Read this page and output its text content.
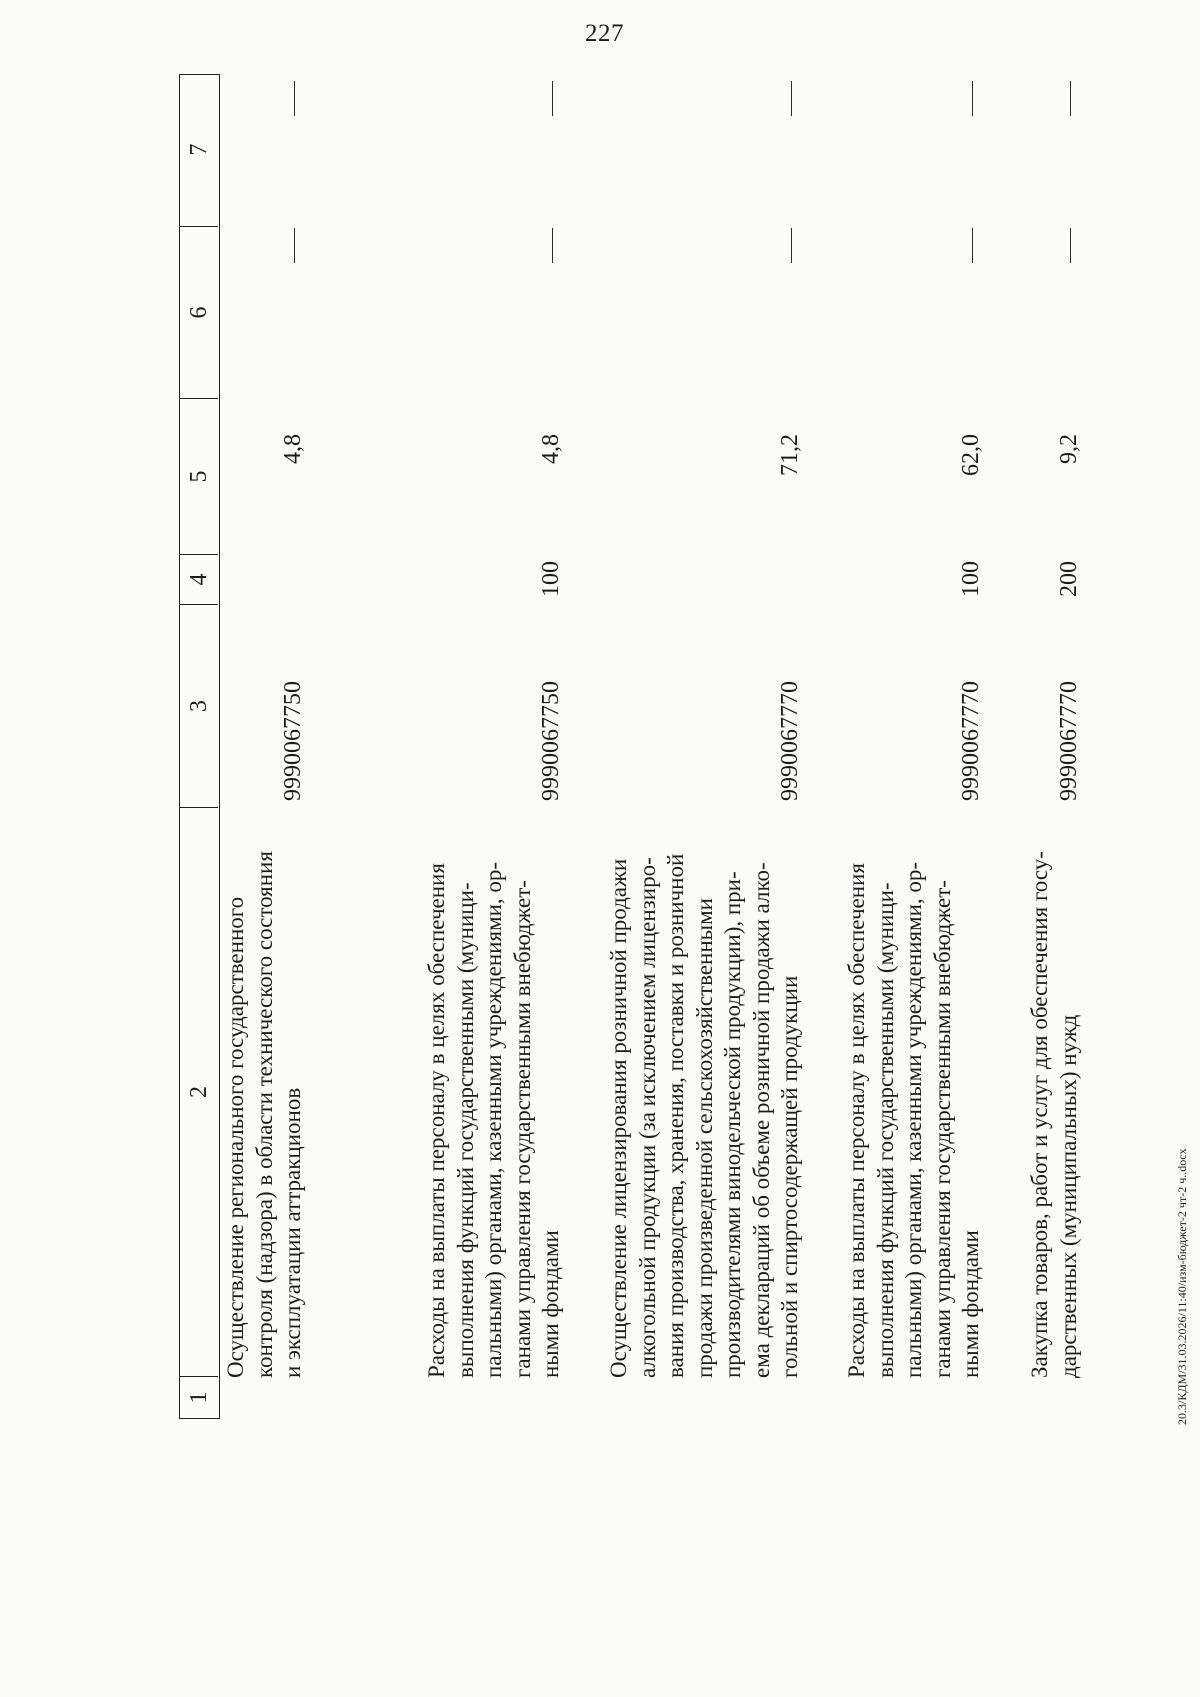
227
20.3/КДМ/31.03.2026/11:40/изм-бюджет-2 чт-2 ч..docx
1
2
3
4
5
6
7

Осуществление регионального государственного контроля (надзора) в области технического состояния и эксплуатации аттракционов

9990067750
4,8

Расходы на выплаты персоналу в целях обеспечения выполнения функций государственными (муници- пальными) органами, казенными учреждениями, ор- ганами управления государственными внебюджет- ными фондами

9990067750
100
4,8

Осуществление лицензирования розничной продажи алкогольной продукции (за исключением лицензиро- вания производства, хранения, поставки и розничной продажи произведенной сельскохозяйственными производителями винодельческой продукции), при- ема деклараций об объеме розничной продажи алко- гольной и спиртосодержащей продукции

9990067770
71,2

Расходы на выплаты персоналу в целях обеспечения выполнения функций государственными (муници- пальными) органами, казенными учреждениями, ор- ганами управления государственными внебюджет- ными фондами

9990067770
100
62,0

Закупка товаров, работ и услуг для обеспечения госу- дарственных (муниципальных) нужд

9990067770
200
9,2
